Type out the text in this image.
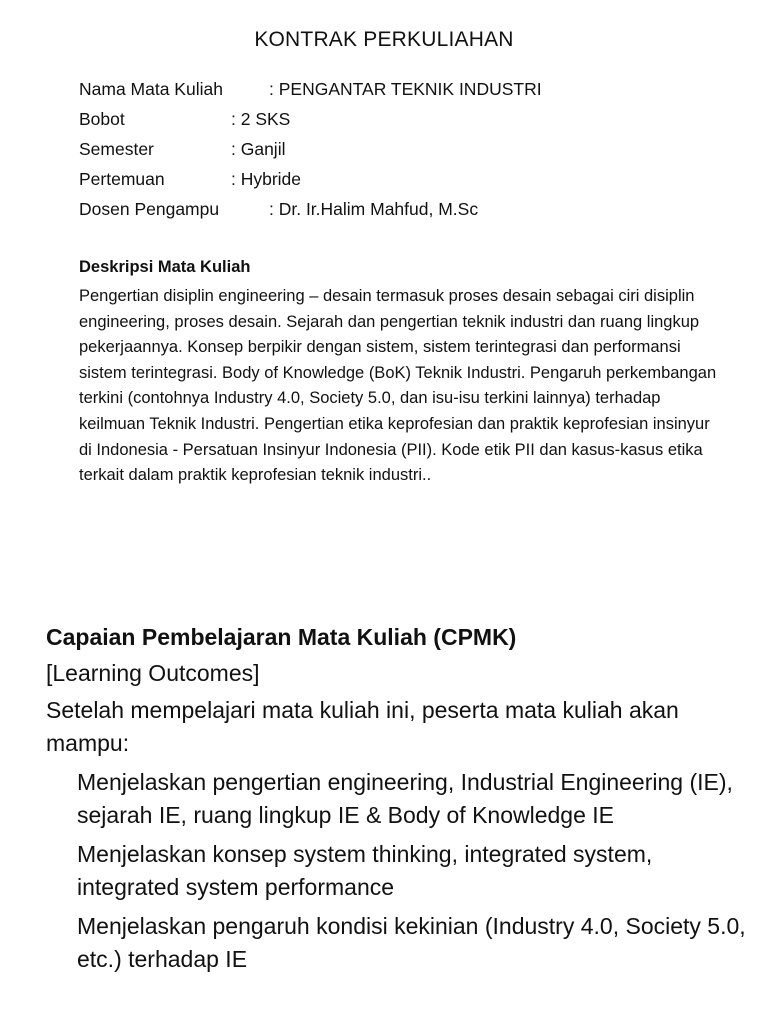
KONTRAK PERKULIAHAN
Nama Mata Kuliah	: PENGANTAR TEKNIK INDUSTRI
Bobot	: 2 SKS
Semester	: Ganjil
Pertemuan	: Hybride
Dosen Pengampu	: Dr. Ir.Halim Mahfud, M.Sc
Deskripsi Mata Kuliah

Pengertian disiplin engineering – desain termasuk proses desain sebagai ciri disiplin engineering, proses desain. Sejarah dan pengertian teknik industri dan ruang lingkup pekerjaannya. Konsep berpikir dengan sistem, sistem terintegrasi dan performansi sistem terintegrasi. Body of Knowledge (BoK) Teknik Industri. Pengaruh perkembangan terkini (contohnya Industry 4.0, Society 5.0, dan isu-isu terkini lainnya) terhadap keilmuan Teknik Industri. Pengertian etika keprofesian dan praktik keprofesian insinyur di Indonesia - Persatuan Insinyur Indonesia (PII). Kode etik PII dan kasus-kasus etika terkait dalam praktik keprofesian teknik industri..

Capaian Pembelajaran Mata Kuliah (CPMK)
[Learning Outcomes]
Setelah mempelajari mata kuliah ini, peserta mata kuliah akan mampu:
Menjelaskan pengertian engineering, Industrial Engineering (IE), sejarah IE, ruang lingkup IE & Body of Knowledge IE
Menjelaskan konsep system thinking, integrated system, integrated system performance
Menjelaskan pengaruh kondisi kekinian (Industry 4.0, Society 5.0, etc.) terhadap IE
